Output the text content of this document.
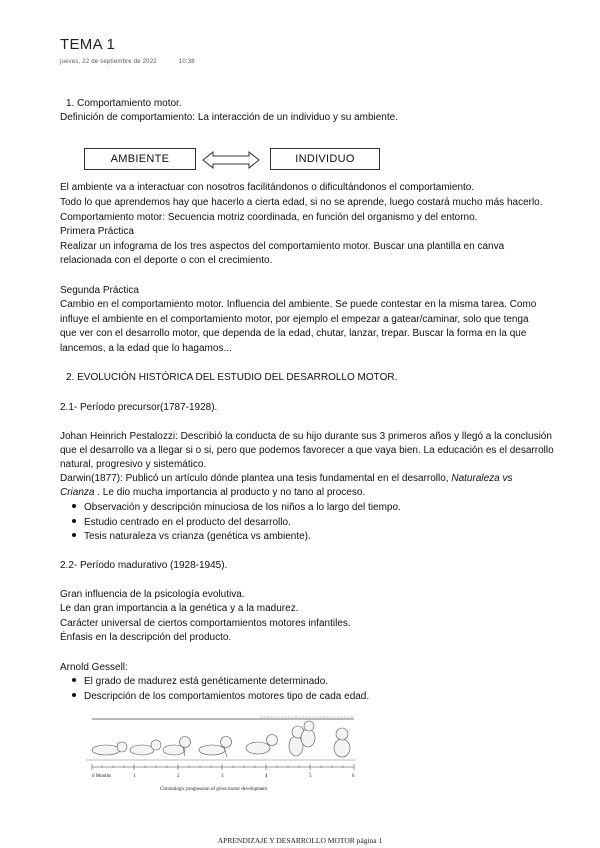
TEMA 1
jueves, 22 de septiembre de 2022	10:38
1. Comportamiento motor.
Definición de comportamiento: La interacción de un individuo y su ambiente.
AMBIENTE	INDIVIDUO
El ambiente va a interactuar con nosotros facilitándonos o dificultándonos el comportamiento.
Todo lo que aprendemos hay que hacerlo a cierta edad, si no se aprende, luego costará mucho más hacerlo.
Comportamiento motor: Secuencia motriz coordinada, en función del organismo y del entorno.
Primera Práctica
Realizar un infograma de los tres aspectos del comportamiento motor. Buscar una plantilla en canva
relacionada con el deporte o con el crecimiento.
Segunda Práctica
Cambio en el comportamiento motor. Influencia del ambiente. Se puede contestar en la misma tarea. Como
influye el ambiente en el comportamiento motor, por ejemplo el empezar a gatear/caminar, solo que tenga
que ver con el desarrollo motor, que dependa de la edad, chutar, lanzar, trepar. Buscar la forma en la que
lancemos, a la edad que lo hagamos...
2. EVOLUCIÓN HISTÓRICA DEL ESTUDIO DEL DESARROLLO MOTOR.
2.1- Período precursor(1787-1928).
Johan Heinrich Pestalozzi: Describió la conducta de su hijo durante sus 3 primeros años y llegó a la conclusión
que el desarrollo va a llegar si o si, pero que podemos favorecer a que vaya bien. La educación es el desarrollo
natural, progresivo y sistemático.
Darwin(1877): Publicó un artículo dónde plantea una tesis fundamental en el desarrollo, Naturaleza vs
Crianza . Le dio mucha importancia al producto y no tano al proceso.
Observación y descripción minuciosa de los niños a lo largo del tiempo.
Estudio centrado en el producto del desarrollo.
Tesis naturaleza vs crianza (genética vs ambiente).
2.2- Período madurativo (1928-1945).
Gran influencia de la psicología evolutiva.
Le dan gran importancia a la genética y a la madurez.
Carácter universal de ciertos comportamientos motores infantiles.
Énfasis en la descripción del producto.
Arnold Gessell:
El grado de madurez está genéticamente determinado.
Descripción de los comportamientos motores tipo de cada edad.
0 Months	1	2	3	4	5	6
Chronologic progression of gross motor development
APRENDIZAJE Y DESARROLLO MOTOR página 1
